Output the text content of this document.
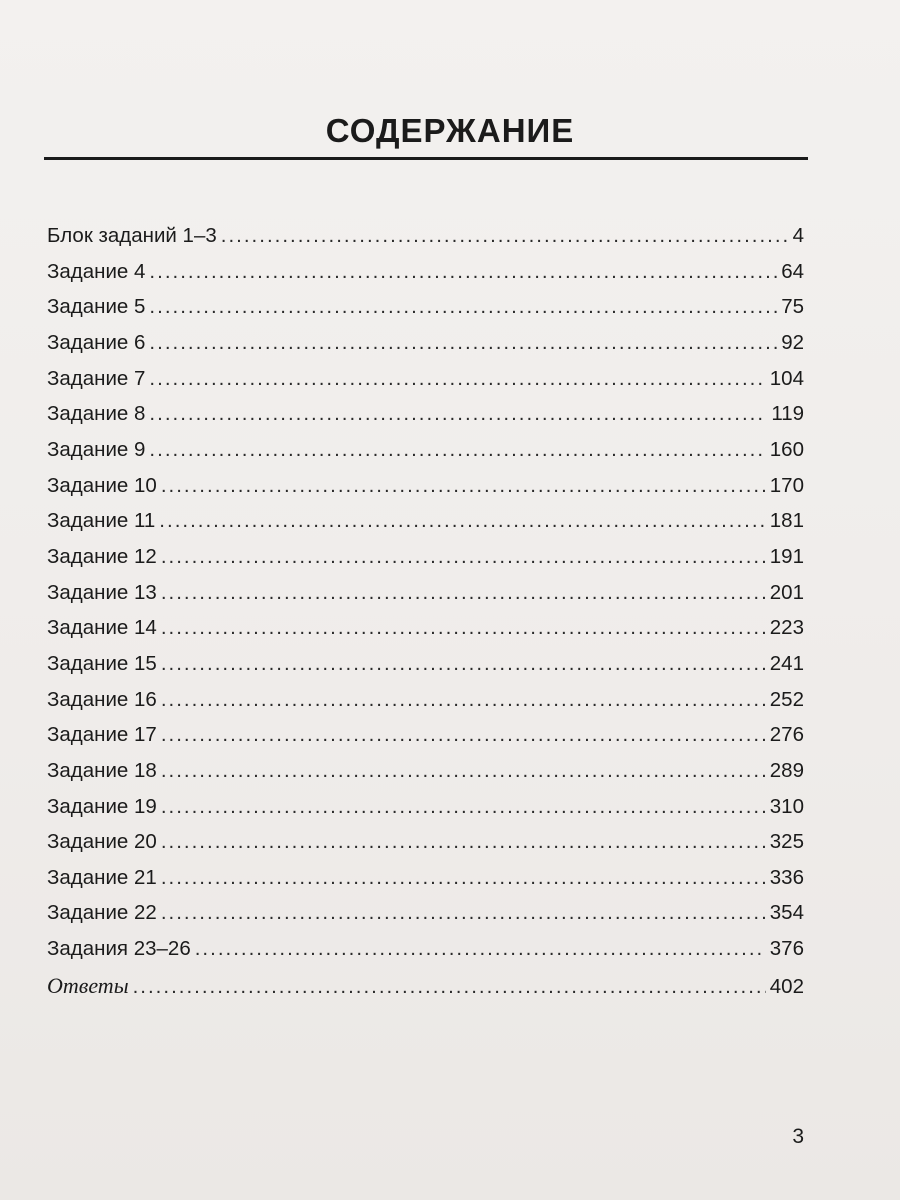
СОДЕРЖАНИЕ
Блок заданий 1–3 .....	4
Задание 4 .....	64
Задание 5 .....	75
Задание 6 .....	92
Задание 7 .....	104
Задание 8 .....	119
Задание 9 .....	160
Задание 10 .....	170
Задание 11 .....	181
Задание 12 .....	191
Задание 13 .....	201
Задание 14 .....	223
Задание 15 .....	241
Задание 16 .....	252
Задание 17 .....	276
Задание 18 .....	289
Задание 19 .....	310
Задание 20 .....	325
Задание 21 .....	336
Задание 22 .....	354
Задания 23–26 .....	376
Ответы .....	402
3
